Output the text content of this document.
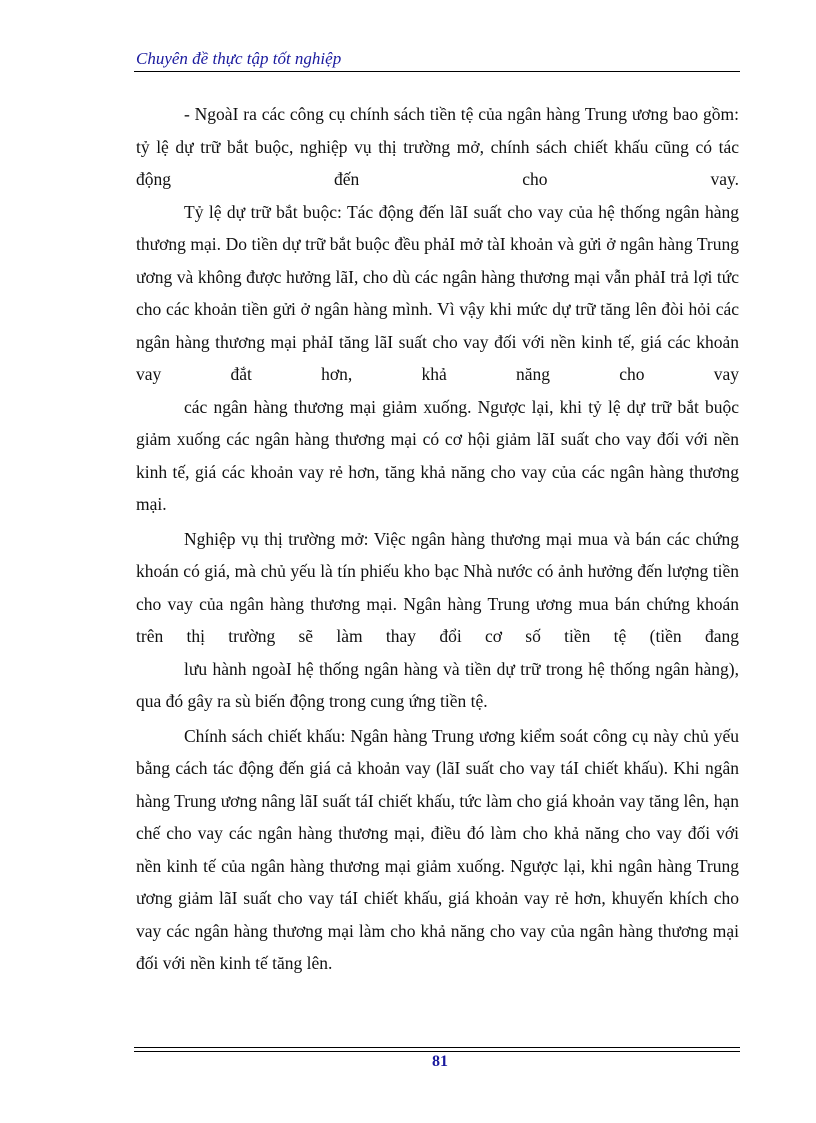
Chuyên đề thực tập tốt nghiệp

- NgoàI ra các công cụ chính sách tiền tệ của ngân hàng Trung ương bao gồm: tỷ lệ dự trữ bắt buộc, nghiệp vụ thị trường mở, chính sách chiết khấu cũng có tác động đến cho vay.

Tỷ lệ dự trữ bắt buộc: Tác động đến lãI suất cho vay của hệ thống ngân hàng thương mại. Do tiền dự trữ bắt buộc đều phảI mở tàI khoản và gửi ở ngân hàng Trung ương và không được hưởng lãI, cho dù các ngân hàng thương mại vẫn phảI trả lợi tức cho các khoản tiền gửi ở ngân hàng mình. Vì vậy khi mức dự trữ tăng lên đòi hỏi các ngân hàng thương mại phảI tăng lãI suất cho vay đối với nền kinh tế, giá các khoản vay đắt hơn, khả năng cho vay

các ngân hàng thương mại giảm xuống. Ngược lại, khi tỷ lệ dự trữ bắt buộc giảm xuống các ngân hàng thương mại có cơ hội giảm lãI suất cho vay đối với nền kinh tế, giá các khoản vay rẻ hơn, tăng khả năng cho vay của các ngân hàng thương mại.

Nghiệp vụ thị trường mở: Việc ngân hàng thương mại mua và bán các chứng khoán có giá, mà chủ yếu là tín phiếu kho bạc Nhà nước có ảnh hưởng đến lượng tiền cho vay của ngân hàng thương mại. Ngân hàng Trung ương mua bán chứng khoán trên thị trường sẽ làm thay đổi cơ số tiền tệ (tiền đang

lưu hành ngoàI hệ thống ngân hàng và tiền dự trữ trong hệ thống ngân hàng), qua đó gây ra sù biến động trong cung ứng tiền tệ.

Chính sách chiết khấu: Ngân hàng Trung ương kiểm soát công cụ này chủ yếu bằng cách tác động đến giá cả khoản vay (lãI suất cho vay táI chiết khấu). Khi ngân hàng Trung ương nâng lãI suất táI chiết khấu, tức làm cho giá khoản vay tăng lên, hạn chế cho vay các ngân hàng thương mại, điều đó làm cho khả năng cho vay đối với nền kinh tế của ngân hàng thương mại giảm xuống. Ngược lại, khi ngân hàng Trung ương giảm lãI suất cho vay táI chiết khấu, giá khoản vay rẻ hơn, khuyến khích cho vay các ngân hàng thương mại làm cho khả năng cho vay của ngân hàng thương mại đối với nền kinh tế tăng lên.

81
